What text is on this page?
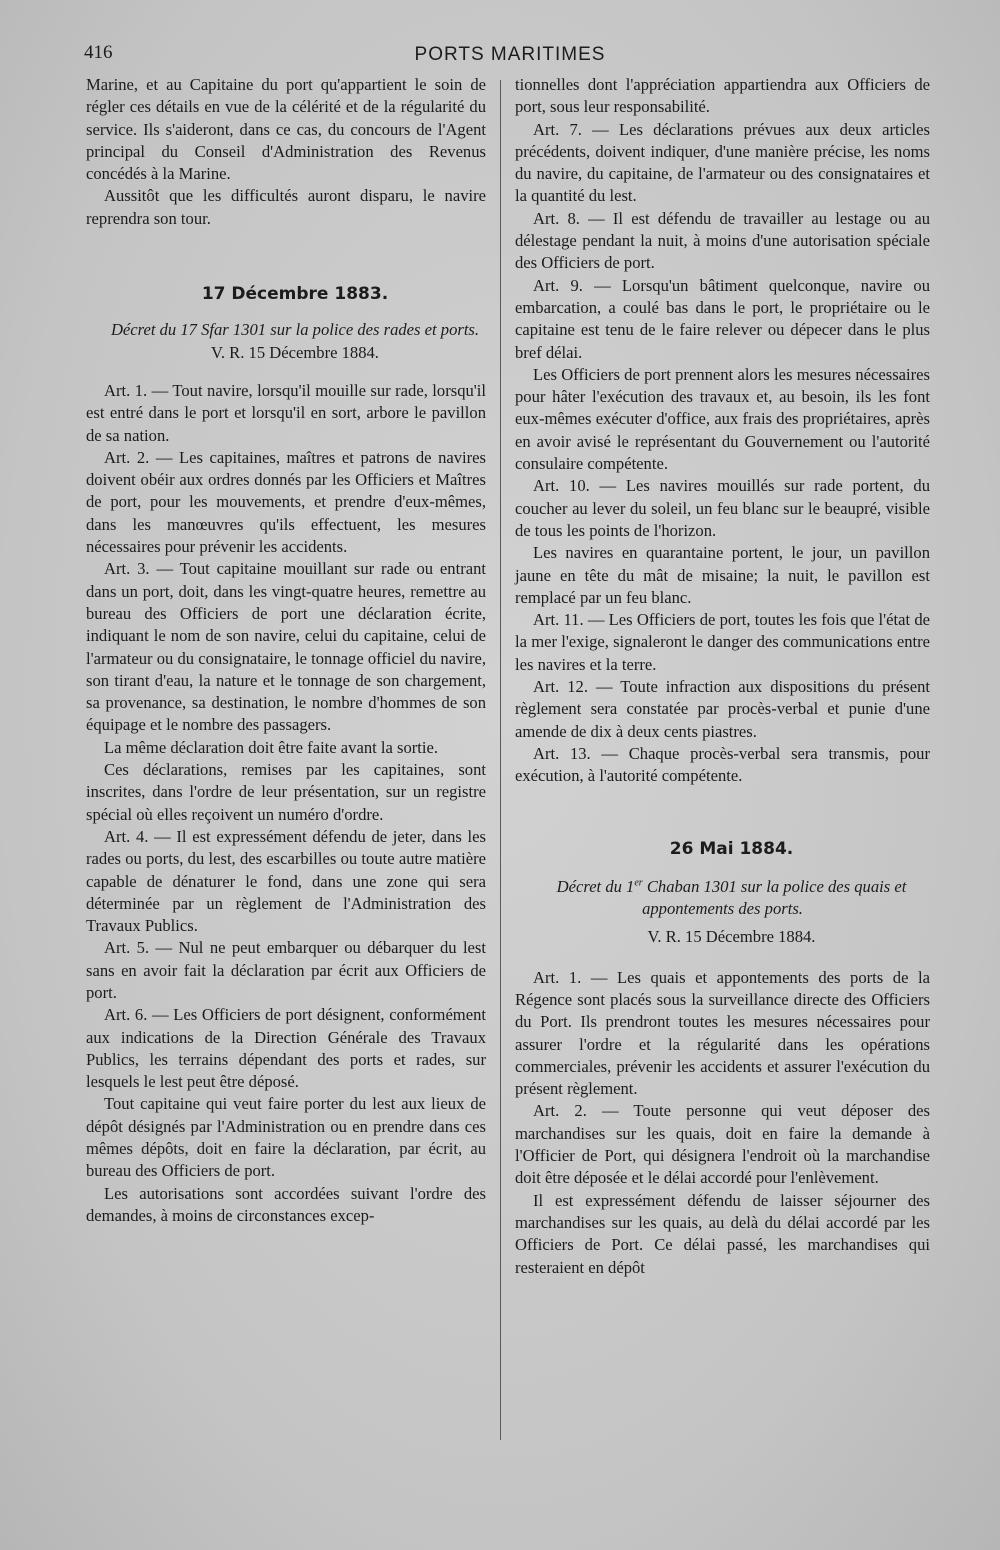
416	PORTS MARITIMES

Marine, et au Capitaine du port qu'appartient le soin de régler ces détails en vue de la célérité et de la régularité du service. Ils s'aideront, dans ce cas, du concours de l'Agent principal du Conseil d'Administration des Revenus concédés à la Marine.

Aussitôt que les difficultés auront disparu, le navire reprendra son tour.

17 Décembre 1883.

Décret du 17 Sfar 1301 sur la police des rades et ports.

V. R. 15 Décembre 1884.

Art. 1. — Tout navire, lorsqu'il mouille sur rade, lorsqu'il est entré dans le port et lorsqu'il en sort, arbore le pavillon de sa nation.

Art. 2. — Les capitaines, maîtres et patrons de navires doivent obéir aux ordres donnés par les Officiers et Maîtres de port, pour les mouvements, et prendre d'eux-mêmes, dans les manœuvres qu'ils effectuent, les mesures nécessaires pour prévenir les accidents.

Art. 3. — Tout capitaine mouillant sur rade ou entrant dans un port, doit, dans les vingt-quatre heures, remettre au bureau des Officiers de port une déclaration écrite, indiquant le nom de son navire, celui du capitaine, celui de l'armateur ou du consignataire, le tonnage officiel du navire, son tirant d'eau, la nature et le tonnage de son chargement, sa provenance, sa destination, le nombre d'hommes de son équipage et le nombre des passagers.

La même déclaration doit être faite avant la sortie.

Ces déclarations, remises par les capitaines, sont inscrites, dans l'ordre de leur présentation, sur un registre spécial où elles reçoivent un numéro d'ordre.

Art. 4. — Il est expressément défendu de jeter, dans les rades ou ports, du lest, des escarbilles ou toute autre matière capable de dénaturer le fond, dans une zone qui sera déterminée par un règlement de l'Administration des Travaux Publics.

Art. 5. — Nul ne peut embarquer ou débarquer du lest sans en avoir fait la déclaration par écrit aux Officiers de port.

Art. 6. — Les Officiers de port désignent, conformément aux indications de la Direction Générale des Travaux Publics, les terrains dépendant des ports et rades, sur lesquels le lest peut être déposé.

Tout capitaine qui veut faire porter du lest aux lieux de dépôt désignés par l'Administration ou en prendre dans ces mêmes dépôts, doit en faire la déclaration, par écrit, au bureau des Officiers de port.

Les autorisations sont accordées suivant l'ordre des demandes, à moins de circonstances excep-

tionnelles dont l'appréciation appartiendra aux Officiers de port, sous leur responsabilité.

Art. 7. — Les déclarations prévues aux deux articles précédents, doivent indiquer, d'une manière précise, les noms du navire, du capitaine, de l'armateur ou des consignataires et la quantité du lest.

Art. 8. — Il est défendu de travailler au lestage ou au délestage pendant la nuit, à moins d'une autorisation spéciale des Officiers de port.

Art. 9. — Lorsqu'un bâtiment quelconque, navire ou embarcation, a coulé bas dans le port, le propriétaire ou le capitaine est tenu de le faire relever ou dépecer dans le plus bref délai.

Les Officiers de port prennent alors les mesures nécessaires pour hâter l'exécution des travaux et, au besoin, ils les font eux-mêmes exécuter d'office, aux frais des propriétaires, après en avoir avisé le représentant du Gouvernement ou l'autorité consulaire compétente.

Art. 10. — Les navires mouillés sur rade portent, du coucher au lever du soleil, un feu blanc sur le beaupré, visible de tous les points de l'horizon.

Les navires en quarantaine portent, le jour, un pavillon jaune en tête du mât de misaine; la nuit, le pavillon est remplacé par un feu blanc.

Art. 11. — Les Officiers de port, toutes les fois que l'état de la mer l'exige, signaleront le danger des communications entre les navires et la terre.

Art. 12. — Toute infraction aux dispositions du présent règlement sera constatée par procès-verbal et punie d'une amende de dix à deux cents piastres.

Art. 13. — Chaque procès-verbal sera transmis, pour exécution, à l'autorité compétente.

26 Mai 1884.

Décret du 1er Chaban 1301 sur la police des quais et appontements des ports.

V. R. 15 Décembre 1884.

Art. 1. — Les quais et appontements des ports de la Régence sont placés sous la surveillance directe des Officiers du Port. Ils prendront toutes les mesures nécessaires pour assurer l'ordre et la régularité dans les opérations commerciales, prévenir les accidents et assurer l'exécution du présent règlement.

Art. 2. — Toute personne qui veut déposer des marchandises sur les quais, doit en faire la demande à l'Officier de Port, qui désignera l'endroit où la marchandise doit être déposée et le délai accordé pour l'enlèvement.

Il est expressément défendu de laisser séjourner des marchandises sur les quais, au delà du délai accordé par les Officiers de Port. Ce délai passé, les marchandises qui resteraient en dépôt
